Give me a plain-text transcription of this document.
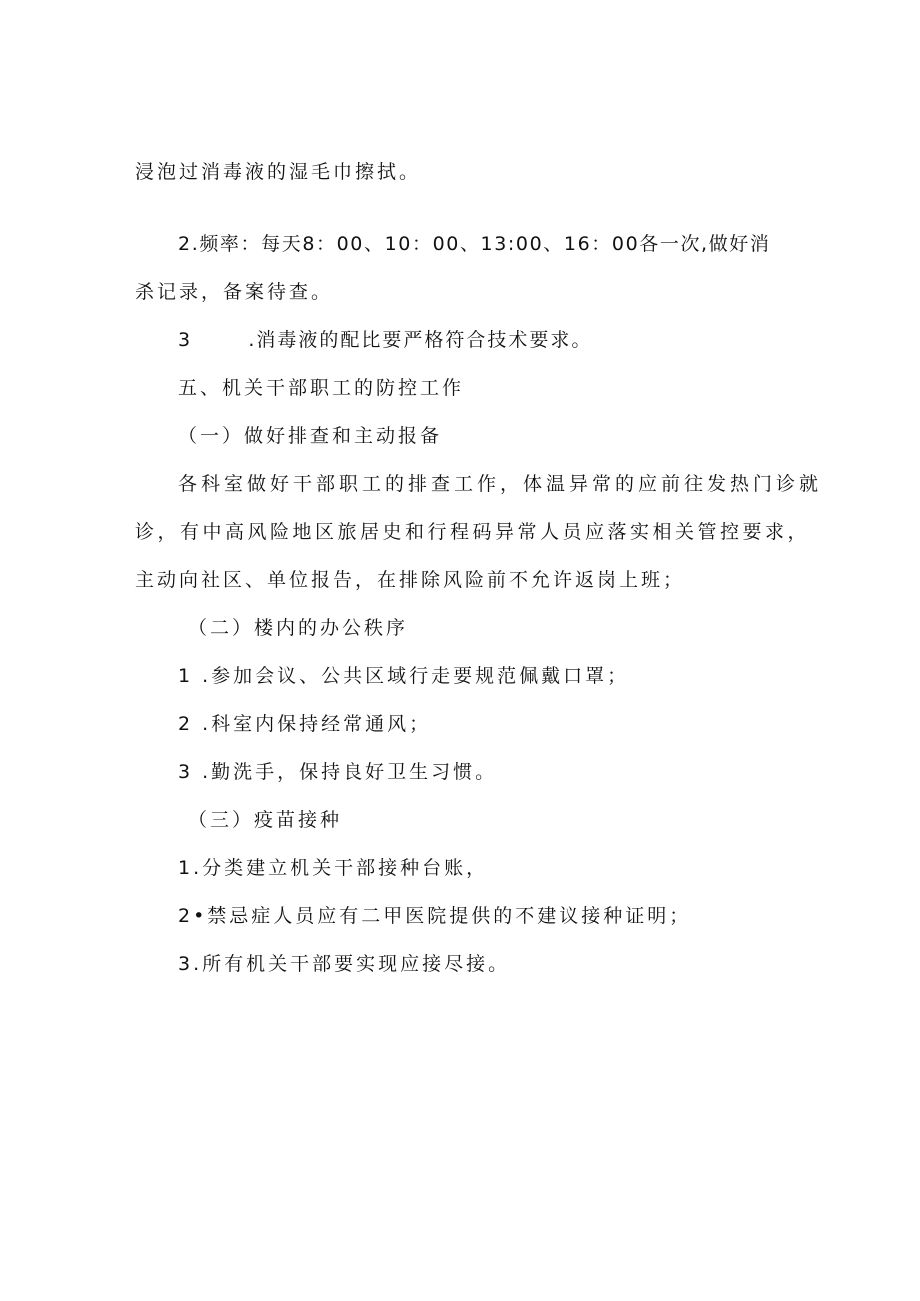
浸泡过消毒液的湿毛巾擦拭。
2.频率：每天8：00、10：00、13:00、16：00各一次,做好消
杀记录，备案待查。
3       .消毒液的配比要严格符合技术要求。
五、机关干部职工的防控工作
（一）做好排查和主动报备
各科室做好干部职工的排查工作，体温异常的应前往发热门诊就
诊，有中高风险地区旅居史和行程码异常人员应落实相关管控要求，
主动向社区、单位报告，在排除风险前不允许返岗上班；
（二）楼内的办公秩序
1 .参加会议、公共区域行走要规范佩戴口罩；
2 .科室内保持经常通风；
3 .勤洗手，保持良好卫生习惯。
（三）疫苗接种
1.分类建立机关干部接种台账，
2•禁忌症人员应有二甲医院提供的不建议接种证明；
3.所有机关干部要实现应接尽接。
